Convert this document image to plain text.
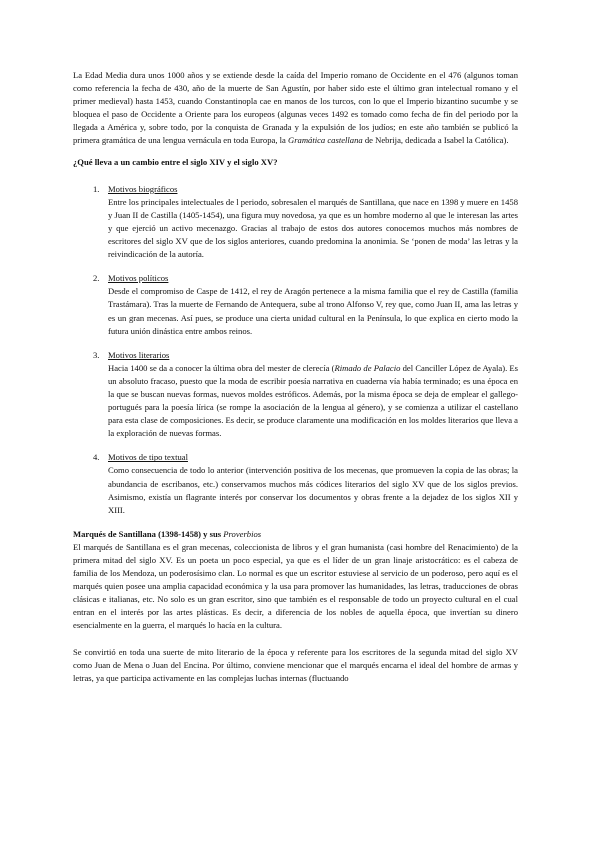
La Edad Media dura unos 1000 años y se extiende desde la caída del Imperio romano de Occidente en el 476 (algunos toman como referencia la fecha de 430, año de la muerte de San Agustín, por haber sido este el último gran intelectual romano y el primer medieval) hasta 1453, cuando Constantinopla cae en manos de los turcos, con lo que el Imperio bizantino sucumbe y se bloquea el paso de Occidente a Oriente para los europeos (algunas veces 1492 es tomado como fecha de fin del periodo por la llegada a América y, sobre todo, por la conquista de Granada y la expulsión de los judíos; en este año también se publicó la primera gramática de una lengua vernácula en toda Europa, la Gramática castellana de Nebrija, dedicada a Isabel la Católica).

¿Qué lleva a un cambio entre el siglo XIV y el siglo XV?

1. Motivos biográficos
Entre los principales intelectuales de l periodo, sobresalen el marqués de Santillana, que nace en 1398 y muere en 1458 y Juan II de Castilla (1405-1454), una figura muy novedosa, ya que es un hombre moderno al que le interesan las artes y que ejerció un activo mecenazgo. Gracias al trabajo de estos dos autores conocemos muchos más nombres de escritores del siglo XV que de los siglos anteriores, cuando predomina la anonimia. Se ‘ponen de moda’ las letras y la reivindicación de la autoría.
2. Motivos políticos
Desde el compromiso de Caspe de 1412, el rey de Aragón pertenece a la misma familia que el rey de Castilla (familia Trastámara). Tras la muerte de Fernando de Antequera, sube al trono Alfonso V, rey que, como Juan II, ama las letras y es un gran mecenas. Así pues, se produce una cierta unidad cultural en la Península, lo que explica en cierto modo la futura unión dinástica entre ambos reinos.
3. Motivos literarios
Hacia 1400 se da a conocer la última obra del mester de clerecía (Rimado de Palacio del Canciller López de Ayala). Es un absoluto fracaso, puesto que la moda de escribir poesía narrativa en cuaderna vía había terminado; es una época en la que se buscan nuevas formas, nuevos moldes estróficos. Además, por la misma época se deja de emplear el gallego-portugués para la poesía lírica (se rompe la asociación de la lengua al género), y se comienza a utilizar el castellano para esta clase de composiciones. Es decir, se produce claramente una modificación en los moldes literarios que lleva a la exploración de nuevas formas.
4. Motivos de tipo textual
Como consecuencia de todo lo anterior (intervención positiva de los mecenas, que promueven la copia de las obras; la abundancia de escribanos, etc.) conservamos muchos más códices literarios del siglo XV que de los siglos previos. Asimismo, existía un flagrante interés por conservar los documentos y obras frente a la dejadez de los siglos XII y XIII.

Marqués de Santillana (1398-1458) y sus Proverbios

El marqués de Santillana es el gran mecenas, coleccionista de libros y el gran humanista (casi hombre del Renacimiento) de la primera mitad del siglo XV. Es un poeta un poco especial, ya que es el líder de un gran linaje aristocrático: es el cabeza de familia de los Mendoza, un poderosísimo clan. Lo normal es que un escritor estuviese al servicio de un poderoso, pero aquí es el marqués quien posee una amplia capacidad económica y la usa para promover las humanidades, las letras, traducciones de obras clásicas e italianas, etc. No solo es un gran escritor, sino que también es el responsable de todo un proyecto cultural en el cual entran en el interés por las artes plásticas. Es decir, a diferencia de los nobles de aquella época, que invertían su dinero esencialmente en la guerra, el marqués lo hacía en la cultura.

Se convirtió en toda una suerte de mito literario de la época y referente para los escritores de la segunda mitad del siglo XV como Juan de Mena o Juan del Encina. Por último, conviene mencionar que el marqués encarna el ideal del hombre de armas y letras, ya que participa activamente en las complejas luchas internas (fluctuando
